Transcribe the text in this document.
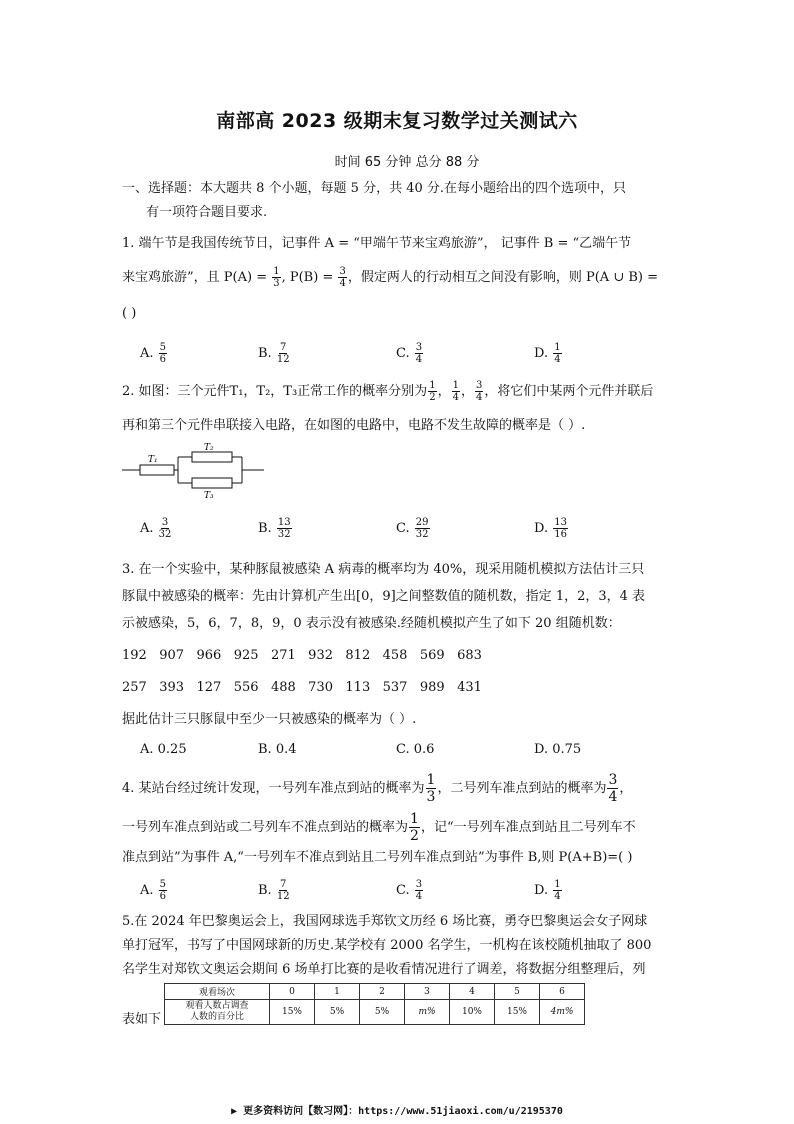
南部高 2023 级期末复习数学过关测试六
时间 65 分钟 总分 88 分
一、选择题：本大题共 8 个小题，每题 5 分，共 40 分.在每小题给出的四个选项中，只
有一项符合题目要求.
1. 端午节是我国传统节日，记事件 A = “甲端午节来宝鸡旅游”， 记事件 B = “乙端午节
来宝鸡旅游”，且 $P(A) = \frac{1}{3}$ , $P(B) = \frac{3}{4}$ ，假定两人的行动相互之间没有影响，则 P(A ∪ B) =
( )
A. $\frac{5}{6}$	B. $\frac{7}{12}$	C. $\frac{3}{4}$	D. $\frac{1}{4}$
2. 如图：三个元件T₁，T₂，T₃正常工作的概率分别为 $\frac{1}{2}$ ， $\frac{1}{4}$ ， $\frac{3}{4}$ ，将它们中某两个元件并联后
再和第三个元件串联接入电路，在如图的电路中，电路不发生故障的概率是（ ）.
T₁
T₂
T₃
A. $\frac{3}{32}$	B. $\frac{13}{32}$	C. $\frac{29}{32}$	D. $\frac{13}{16}$
3. 在一个实验中，某种豚鼠被感染 A 病毒的概率均为 40%，现采用随机模拟方法估计三只
豚鼠中被感染的概率：先由计算机产生出[0，9]之间整数值的随机数，指定 1，2，3，4 表
示被感染，5，6，7，8，9，0 表示没有被感染.经随机模拟产生了如下 20 组随机数：
192 907 966 925 271 932 812 458 569 683
257 393 127 556 488 730 113 537 989 431
据此估计三只豚鼠中至少一只被感染的概率为（ ）.
A. 0.25	B. 0.4	C. 0.6	D. 0.75
4. 某站台经过统计发现，一号列车准点到站的概率为 $\frac{1}{3}$ ，二号列车准点到站的概率为 $\frac{3}{4}$ ，
一号列车准点到站或二号列车不准点到站的概率为 $\frac{1}{2}$ ，记“一号列车准点到站且二号列车不
准点到站”为事件 A,“一号列车不准点到站且二号列车准点到站”为事件 B,则 P(A+B)=( )
A. $\frac{5}{6}$	B. $\frac{7}{12}$	C. $\frac{3}{4}$	D. $\frac{1}{4}$
5.在 2024 年巴黎奥运会上，我国网球选手郑钦文历经 6 场比赛，勇夺巴黎奥运会女子网球
单打冠军，书写了中国网球新的历史.某学校有 2000 名学生，一机构在该校随机抽取了 800
名学生对郑钦文奥运会期间 6 场单打比赛的是收看情况进行了调差，将数据分组整理后，列
表如下
观看场次	0	1	2	3	4	5	6
观看人数占调查
人数的百分比	15%	5%	5%	m%	10%	15%	4m%
▶ 更多资料访问【数习网】：https://www.51jiaoxi.com/u/2195370
